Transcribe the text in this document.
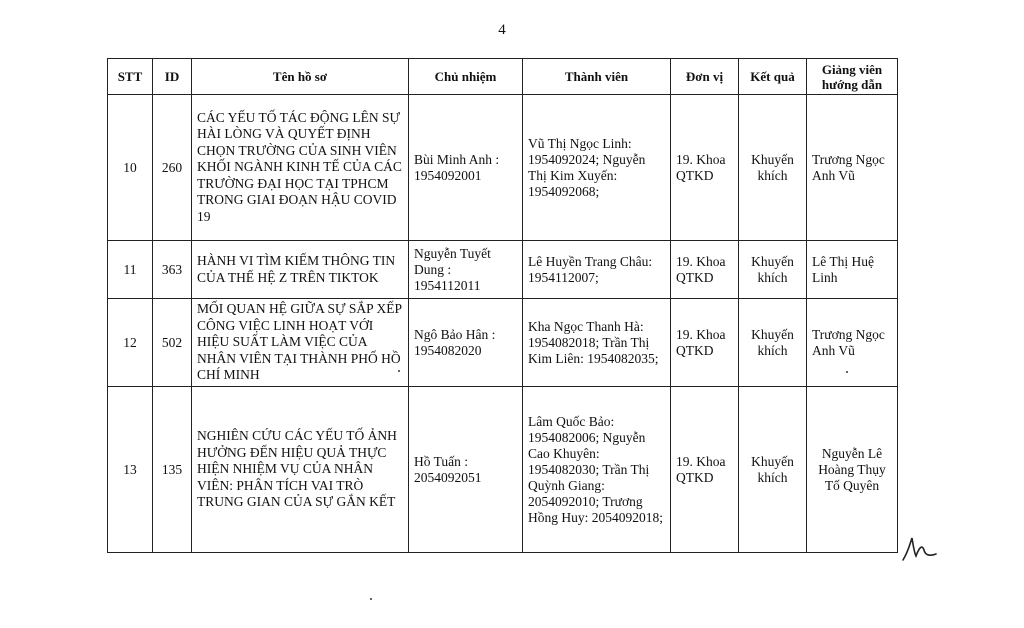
4
STT	ID	Tên hồ sơ	Chủ nhiệm	Thành viên	Đơn vị	Kết quả	Giảng viên hướng dẫn
10	260	CÁC YẾU TỐ TÁC ĐỘNG LÊN SỰ HÀI LÒNG VÀ QUYẾT ĐỊNH CHỌN TRƯỜNG CỦA SINH VIÊN KHỐI NGÀNH KINH TẾ CỦA CÁC TRƯỜNG ĐẠI HỌC TẠI TPHCM TRONG GIAI ĐOẠN HẬU COVID 19	Bùi Minh Anh : 1954092001	Vũ Thị Ngọc Linh: 1954092024; Nguyễn Thị Kim Xuyến: 1954092068;	19. Khoa QTKD	Khuyến khích	Trương Ngọc Anh Vũ
11	363	HÀNH VI TÌM KIẾM THÔNG TIN CỦA THẾ HỆ Z TRÊN TIKTOK	Nguyễn Tuyết Dung : 1954112011	Lê Huyền Trang Châu: 1954112007;	19. Khoa QTKD	Khuyến khích	Lê Thị Huệ Linh
12	502	MỐI QUAN HỆ GIỮA SỰ SẮP XẾP CÔNG VIỆC LINH HOẠT VỚI HIỆU SUẤT LÀM VIỆC CỦA NHÂN VIÊN TẠI THÀNH PHỐ HỒ CHÍ MINH	Ngô Bảo Hân : 1954082020	Kha Ngọc Thanh Hà: 1954082018; Trần Thị Kim Liên: 1954082035;	19. Khoa QTKD	Khuyến khích	Trương Ngọc Anh Vũ
13	135	NGHIÊN CỨU CÁC YẾU TỐ ẢNH HƯỞNG ĐẾN HIỆU QUẢ THỰC HIỆN NHIỆM VỤ CỦA NHÂN VIÊN: PHÂN TÍCH VAI TRÒ TRUNG GIAN CỦA SỰ GẮN KẾT	Hồ Tuấn : 2054092051	Lâm Quốc Bảo: 1954082006; Nguyễn Cao Khuyên: 1954082030; Trần Thị Quỳnh Giang: 2054092010; Trương Hồng Huy: 2054092018;	19. Khoa QTKD	Khuyến khích	Nguyễn Lê Hoàng Thụy Tố Quyên
